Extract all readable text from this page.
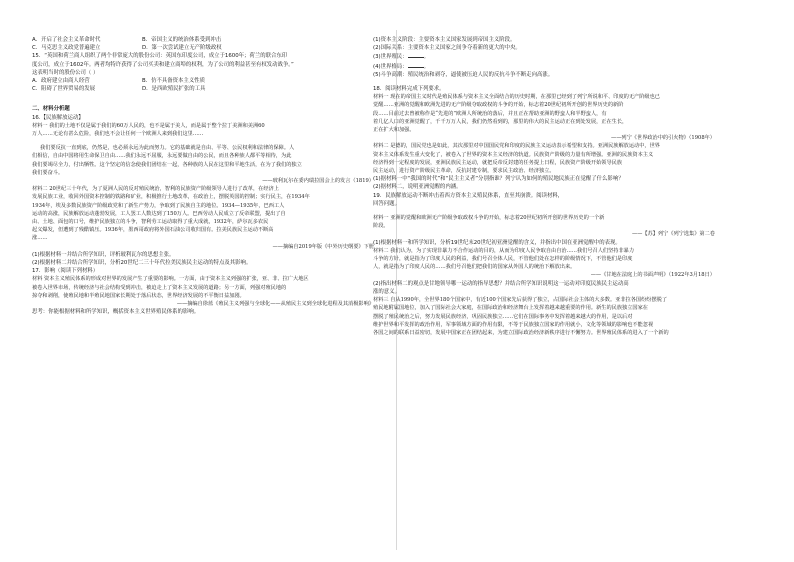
A．开启了社会主义革命时代	B．帝国主义的统治体系受到冲击
C．马克思主义政党普遍建立	D．第一次尝试建立无产阶级政权
15．“英国和荷兰商人组织了两个非常庞大的股份公司：英国东印度公司，成立于1600年；荷兰的联合东印
度公司，成立于1602年。两者均特许获得了公司买卖和建立商埠的权利，为了公司的利益甚至有权发动战争。”
这表明当时的股份公司（ ）
A．政府建立由商人经营	B．仿不具备资本主义性质
C．阻碍了世界贸易的发展	D．是西欧殖民扩张的工具
二、材料分析题
16.【民族解放运动】
材料一 我们的土地不仅是属于我们的60万人民的，也不是属于美人，而是属于整个拉丁美洲和美洲60
万人……无论有甚么危险，我们也不会让任何一个欧洲人来到我们这里……
我们要反抗一直到底，仍然是，也必须永远为此而努力。它的基础就是自由、平等、公民权利和法律的保障。人
们相信，自由中国将用生命保卫自由……我们永远不屈服，永远要做自由的公民，而且各种族人都平等相待，为此
我们要竭尽全力，付出牺牲。这个坚定的信念使我们团结在一起，各种族的人民在这里和平地生活，在为了我们的独立
我们要奋斗。
——玻利瓦尔在委内瑞拉国会上的发言（1819）
材料二 20世纪三十年代，为了夏洲人民的反对殖民统治，智利的民族资产阶级领导人进行了改革，在经济上
发展民族工业，收回外国资本控制的铁路和矿业，积极推行土地改革，在政治上，摆脱英国的控制；实行民主，在1934年
1934年，埃及多数民族资产阶级政党和了新生产势力，争取到了民族自主的地位。1934—1935年，巴西工人
运动的高涨，民族解放运动蓬勃发展，工人罢工人数达到了150万人。巴西劳动人民成立了反帝联盟，提出了自
由、土地、面包的口号，维护民族独立的斗争，智利劳工运动取得了重大成就，1932年，萨尔瓦多农民
起义爆发，但遭到了残酷镇压。1936年，墨西哥政府将外国石油公司收归国有。拉美民族民主运动不断高
涨……
——摘编自2019年版《中外历史纲要》下册
(1)根据材料一并结合所学知识，评析玻利瓦尔的思想主张。
(2)根据材料二并结合所学知识，分析20世纪二三十年代拉美民族民主运动的特点及其影响。
17．影响（阅读下列材料）
材料 资本主义殖民体系的形成对世界的发展产生了重要的影响。一方面，由于资本主义列强的扩张，亚、非、拉广大地区
被卷入世界市场，传统经济与社会结构受到冲击，被迫走上了资本主义发展的道路；另一方面，列强对殖民地的
掠夺和剥削，使殖民地和半殖民地国家长期处于落后状态，世界经济发展的不平衡日益加剧。
——摘编自徐蓝《殖民主义列强与全球化——从殖民主义到全球化进程及其消极影响》
思考：你能根据材料和所学知识，概括资本主义世界殖民体系的影响。
(1)资本主义阶段：主要资本主义国家发展到帝国主义阶段。
(2)国际关系：主要资本主义国家之间争夺着新的更大的中央。
(3)世界殖民：	。
(4)世界格局：	。
(5)斗争高潮：殖民统治和剥夺，逼使被压迫人民的反抗斗争不断走向高涨。
18．阅读材料完成下列要求。
材料一 现在的帝国主义时代是殖民体系与资本主义全面结合的历史时期，在那里已经到了列宁所说和平、印度的无产阶级也已
觉醒……亚洲的觉醒和欧洲先进的无产阶级夺取政权的斗争的开始，标志着20世纪初所开创的世界历史的新阶
段……目前过去曾被称作是“先进的”欧洲人所统治的落后，并且正在帮助亚洲的野蛮人和半野蛮人，有
着几亿人口的亚洲觉醒了，千千万万人民，我们仍然看到的，那里的伟大的民主运动正在到处发展，正在生长，
正在扩大和加强。
——列宁《世界政治中的引火物》（1908年）
材料二 是德的，国民党也是如此，其次那里对中国国民党和印度的民族主义运动表示希望和支持。亚洲民族解放运动中，世界
资本主义体系发生重大变化了，被卷入了世界的资本主义经济的轨道。民族资产阶级的力量有所增强。亚洲的民族资本主义
经济得到一定程度的发展，亚洲民族民主运动，就把反帝反封建的任务提上日程，民族资产阶级开始领导民族
民主运动，进行资产阶级民主革命，反抗封建专制，要求民主政治、经济独立。
(1)据材料一中“我国的时代”和“民主主义者”分别指谁？列宁认为如何的殖民地民族正在觉醒了什么影响？
(2)据材料二，说明亚洲觉醒的内涵。
19．民族解放运动不断冲击着西方资本主义殖民体系，直至其崩溃。阅读材料，
回答问题。
材料一 亚洲的觉醒和欧洲无产阶级争取政权斗争的开始，标志着20世纪初所开创的世界历史的一个新
阶段。
——【苏】列宁《列宁选集》第二卷
(1)根据材料一和所学知识，分析19世纪末20世纪初亚洲觉醒的含义，并指出中国在亚洲觉醒中的表现。
材料二 我们认为，为了实现非暴力不合作运动的目的，从而为印度人民争取自由自治……我们号召人们坚持非暴力
斗争的方针，就是指为了印度人民的利益，我们号召全体人民，不管他们处在怎样的阶级情况下，不管他们是印度
人，就是指为了印度人民的……我们号召他们把我们的国家从外国人的统治下解放出来。
——《甘地在法庭上的书面声明》（1922年3月18日）
(2)指出材料二的观点是甘地领导哪一运动的指导思想？并结合所学知识说明这一运动对印度民族民主运动高
涨的意义。
材料三 自从1990年，全世界180个国家中，有近100个国家先后获得了独立，占国际社会主体的大多数。亚非拉各国纷纷摆脱了
殖民地附属国地位，加入了国际社会大家庭，在国际政治和经济舞台上发挥着越来越重要的作用。新生的民族独立国家在
摆脱了殖民统治之后，努力发展民族经济，巩固民族独立……它们在国际事务中发挥着越来越大的作用，是以后对
维护世界和平发挥的政治作用，军事领域方面的作用有限，不等于民族独立国家的作用就小，文化等领域的影响也不能忽视
各国之间的联系日益密切，发展中国家正在团结起来，为建立国际政治经济新秩序进行不懈努力。世界殖民体系的进入了一个新的
